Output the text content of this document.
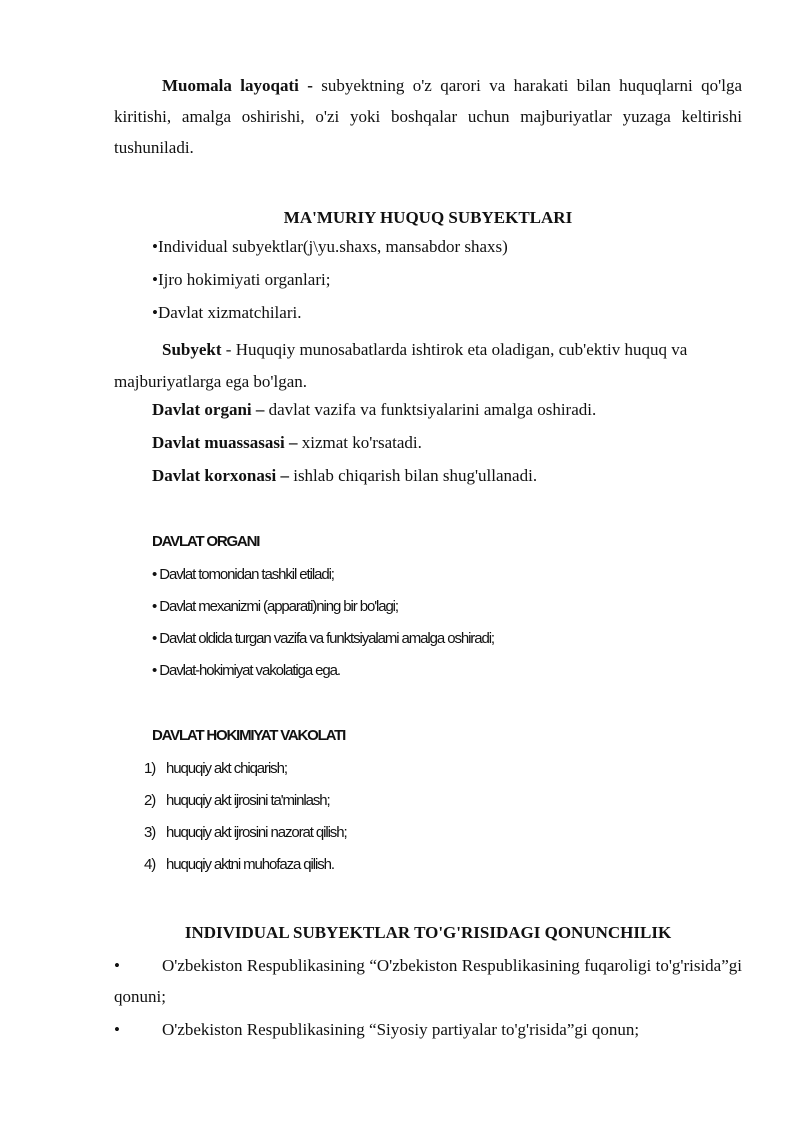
Muomala layoqati - subyektning o'z qarori va harakati bilan huquqlarni qo'lga kiritishi, amalga oshirishi, o'zi yoki boshqalar uchun majburiyatlar yuzaga keltirishi tushuniladi.
MA'MURIY HUQUQ SUBYEKTLARI
•Individual subyektlar(j\yu.shaxs, mansabdor shaxs)
•Ijro hokimiyati organlari;
•Davlat xizmatchilari.
Subyekt - Huquqiy munosabatlarda ishtirok eta oladigan, cub'ektiv huquq va majburiyatlarga ega bo'lgan.
Davlat organi – davlat vazifa va funktsiyalarini amalga oshiradi.
Davlat muassasasi – xizmat ko'rsatadi.
Davlat korxonasi – ishlab chiqarish bilan shug'ullanadi.
DAVLAT ORGANI
• Davlat tomonidan tashkil etiladi;
• Davlat mexanizmi (apparati)ning bir bo'lagi;
• Davlat oldida turgan vazifa va funktsiyalami amalga oshiradi;
• Davlat-hokimiyat vakolatiga ega.
DAVLAT HOKIMIYAT VAKOLATI
1) huquqiy akt chiqarish;
2) huquqiy akt ijrosini ta'minlash;
3) huquqiy akt ijrosini nazorat qilish;
4) huquqiy aktni muhofaza qilish.
INDIVIDUAL SUBYEKTLAR TO'G'RISIDAGI QONUNCHILIK
• O'zbekiston Respublikasining “O'zbekiston Respublikasining fuqaroligi to'g'risida”gi qonuni;
• O'zbekiston Respublikasining “Siyosiy partiyalar to'g'risida”gi qonun;
